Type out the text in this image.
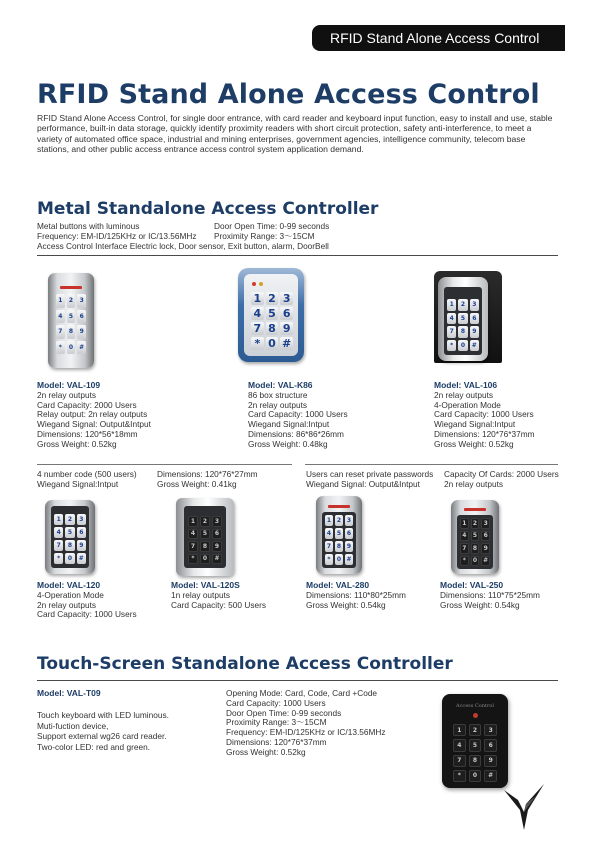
RFID Stand Alone Access Control
RFID Stand Alone Access Control

RFID Stand Alone Access Control, for single door entrance, with card reader and keyboard input function, easy to install and use, stable performance, built-in data storage, quickly identify proximity readers with short circuit protection, safety anti-interference, to meet a variety of automated office space, industrial and mining enterprises, government agencies, intelligence community, telecom base stations, and other public access entrance access control system application demand.

Metal Standalone Access Controller
Metal buttons with luminous
Frequency: EM-ID/125KHz or IC/13.56MHz
Access Control Interface Electric lock, Door sensor, Exit button, alarm, DoorBell
Door Open Time: 0-99 seconds
Proximity Range: 3～15CM
1	2	3
4	5	6
7	8	9
*	0	#
1 2 3
4 5 6
7 8 9
* 0 #
1	2	3
4	5	6
7	8	9
*	0	#
Model: VAL-109
2n relay outputs
Card Capacity: 2000 Users
Relay output: 2n relay outputs
Wiegand Signal: Output&Intput
Dimensions: 120*56*18mm
Gross Weight: 0.52kg
Model: VAL-K86
86 box structure
2n relay outputs
Card Capacity: 1000 Users
Wiegand Signal:Intput
Dimensions: 86*86*26mm
Gross Weight: 0.48kg
Model: VAL-106
2n relay outputs
4-Operation Mode
Card Capacity: 1000 Users
Wiegand Signal:Intput
Dimensions: 120*76*37mm
Gross Weight: 0.52kg
4 number code (500 users)
Wiegand Signal:Intput
Dimensions: 120*76*27mm
Gross Weight: 0.41kg
Users can reset private passwords
Wiegand Signal: Output&Intput
Capacity Of Cards: 2000 Users
2n relay outputs
1	2	3
4	5	6
7	8	9
*	0	#
1	2	3
4	5	6
7	8	9
*	0	#
1 2 3
4 5 6
7 8 9
*	0 #
1	2	3
4	5	6
7	8	9
*	0	#
Model: VAL-120
4-Operation Mode
2n relay outputs
Card Capacity: 1000 Users
Model: VAL-120S
1n relay outputs
Card Capacity: 500 Users
Model: VAL-280
Dimensions: 110*80*25mm
Gross Weight: 0.54kg
Model: VAL-250
Dimensions: 110*75*25mm
Gross Weight: 0.54kg
Touch-Screen Standalone Access Controller
Model: VAL-T09
Touch keyboard with LED luminous.
Muti-fuction device,
Support external wg26 card reader.
Two-color LED: red and green.
Opening Mode: Card, Code, Card +Code
Card Capacity: 1000 Users
Door Open Time: 0-99 seconds
Proximity Range: 3～15CM
Frequency: EM-ID/125KHz or IC/13.56MHz
Dimensions: 120*76*37mm
Gross Weight: 0.52kg
Access Control
1	2	3
4	5	6
7	8	9
*	0	#
